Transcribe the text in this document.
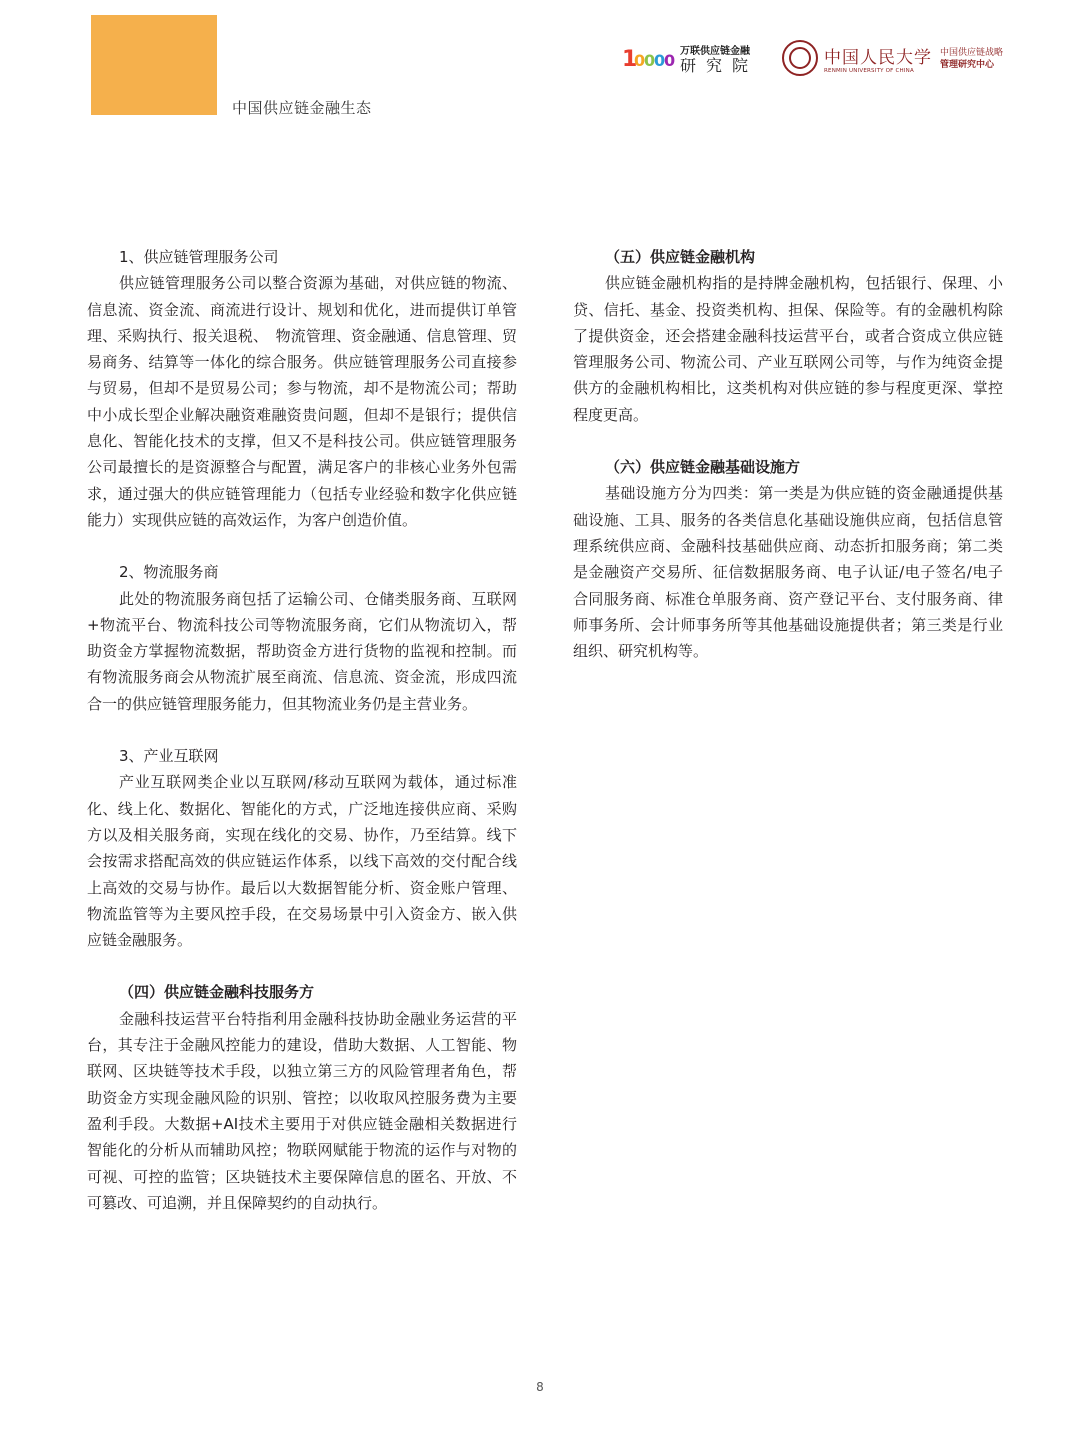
中国供应链金融生态
1
0
0
0
0 万联供应链金融
研究院	中国人民大学
RENMIN UNIVERSITY OF CHINA
中国供应链战略
管理研究中心

1、供应链管理服务公司

供应链管理服务公司以整合资源为基础，对供应链的物流、信息流、资金流、商流进行设计、规划和优化，进而提供订单管理、采购执行、报关退税、　物流管理、资金融通、信息管理、贸易商务、结算等一体化的综合服务。供应链管理服务公司直接参与贸易，但却不是贸易公司；参与物流，却不是物流公司；帮助中小成长型企业解决融资难融资贵问题，但却不是银行；提供信息化、智能化技术的支撑，但又不是科技公司。供应链管理服务公司最擅长的是资源整合与配置，满足客户的非核心业务外包需求，通过强大的供应链管理能力（包括专业经验和数字化供应链能力）实现供应链的高效运作，为客户创造价值。

2、物流服务商

此处的物流服务商包括了运输公司、仓储类服务商、互联网+物流平台、物流科技公司等物流服务商，它们从物流切入，帮助资金方掌握物流数据，帮助资金方进行货物的监视和控制。而有物流服务商会从物流扩展至商流、信息流、资金流，形成四流合一的供应链管理服务能力，但其物流业务仍是主营业务。

3、产业互联网

产业互联网类企业以互联网/移动互联网为载体，通过标准化、线上化、数据化、智能化的方式，广泛地连接供应商、采购方以及相关服务商，实现在线化的交易、协作，乃至结算。线下会按需求搭配高效的供应链运作体系，以线下高效的交付配合线上高效的交易与协作。最后以大数据智能分析、资金账户管理、物流监管等为主要风控手段，在交易场景中引入资金方、嵌入供应链金融服务。

（四）供应链金融科技服务方

金融科技运营平台特指利用金融科技协助金融业务运营的平台，其专注于金融风控能力的建设，借助大数据、人工智能、物联网、区块链等技术手段，以独立第三方的风险管理者角色，帮助资金方实现金融风险的识别、管控；以收取风控服务费为主要盈利手段。大数据+AI技术主要用于对供应链金融相关数据进行智能化的分析从而辅助风控；物联网赋能于物流的运作与对物的可视、可控的监管；区块链技术主要保障信息的匿名、开放、不可篡改、可追溯，并且保障契约的自动执行。

（五）供应链金融机构

供应链金融机构指的是持牌金融机构，包括银行、保理、小贷、信托、基金、投资类机构、担保、保险等。有的金融机构除了提供资金，还会搭建金融科技运营平台，或者合资成立供应链管理服务公司、物流公司、产业互联网公司等，与作为纯资金提供方的金融机构相比，这类机构对供应链的参与程度更深、掌控程度更高。

（六）供应链金融基础设施方

基础设施方分为四类：第一类是为供应链的资金融通提供基础设施、工具、服务的各类信息化基础设施供应商，包括信息管理系统供应商、金融科技基础供应商、动态折扣服务商；第二类是金融资产交易所、征信数据服务商、电子认证/电子签名/电子合同服务商、标准仓单服务商、资产登记平台、支付服务商、律师事务所、会计师事务所等其他基础设施提供者；第三类是行业组织、研究机构等。

8
